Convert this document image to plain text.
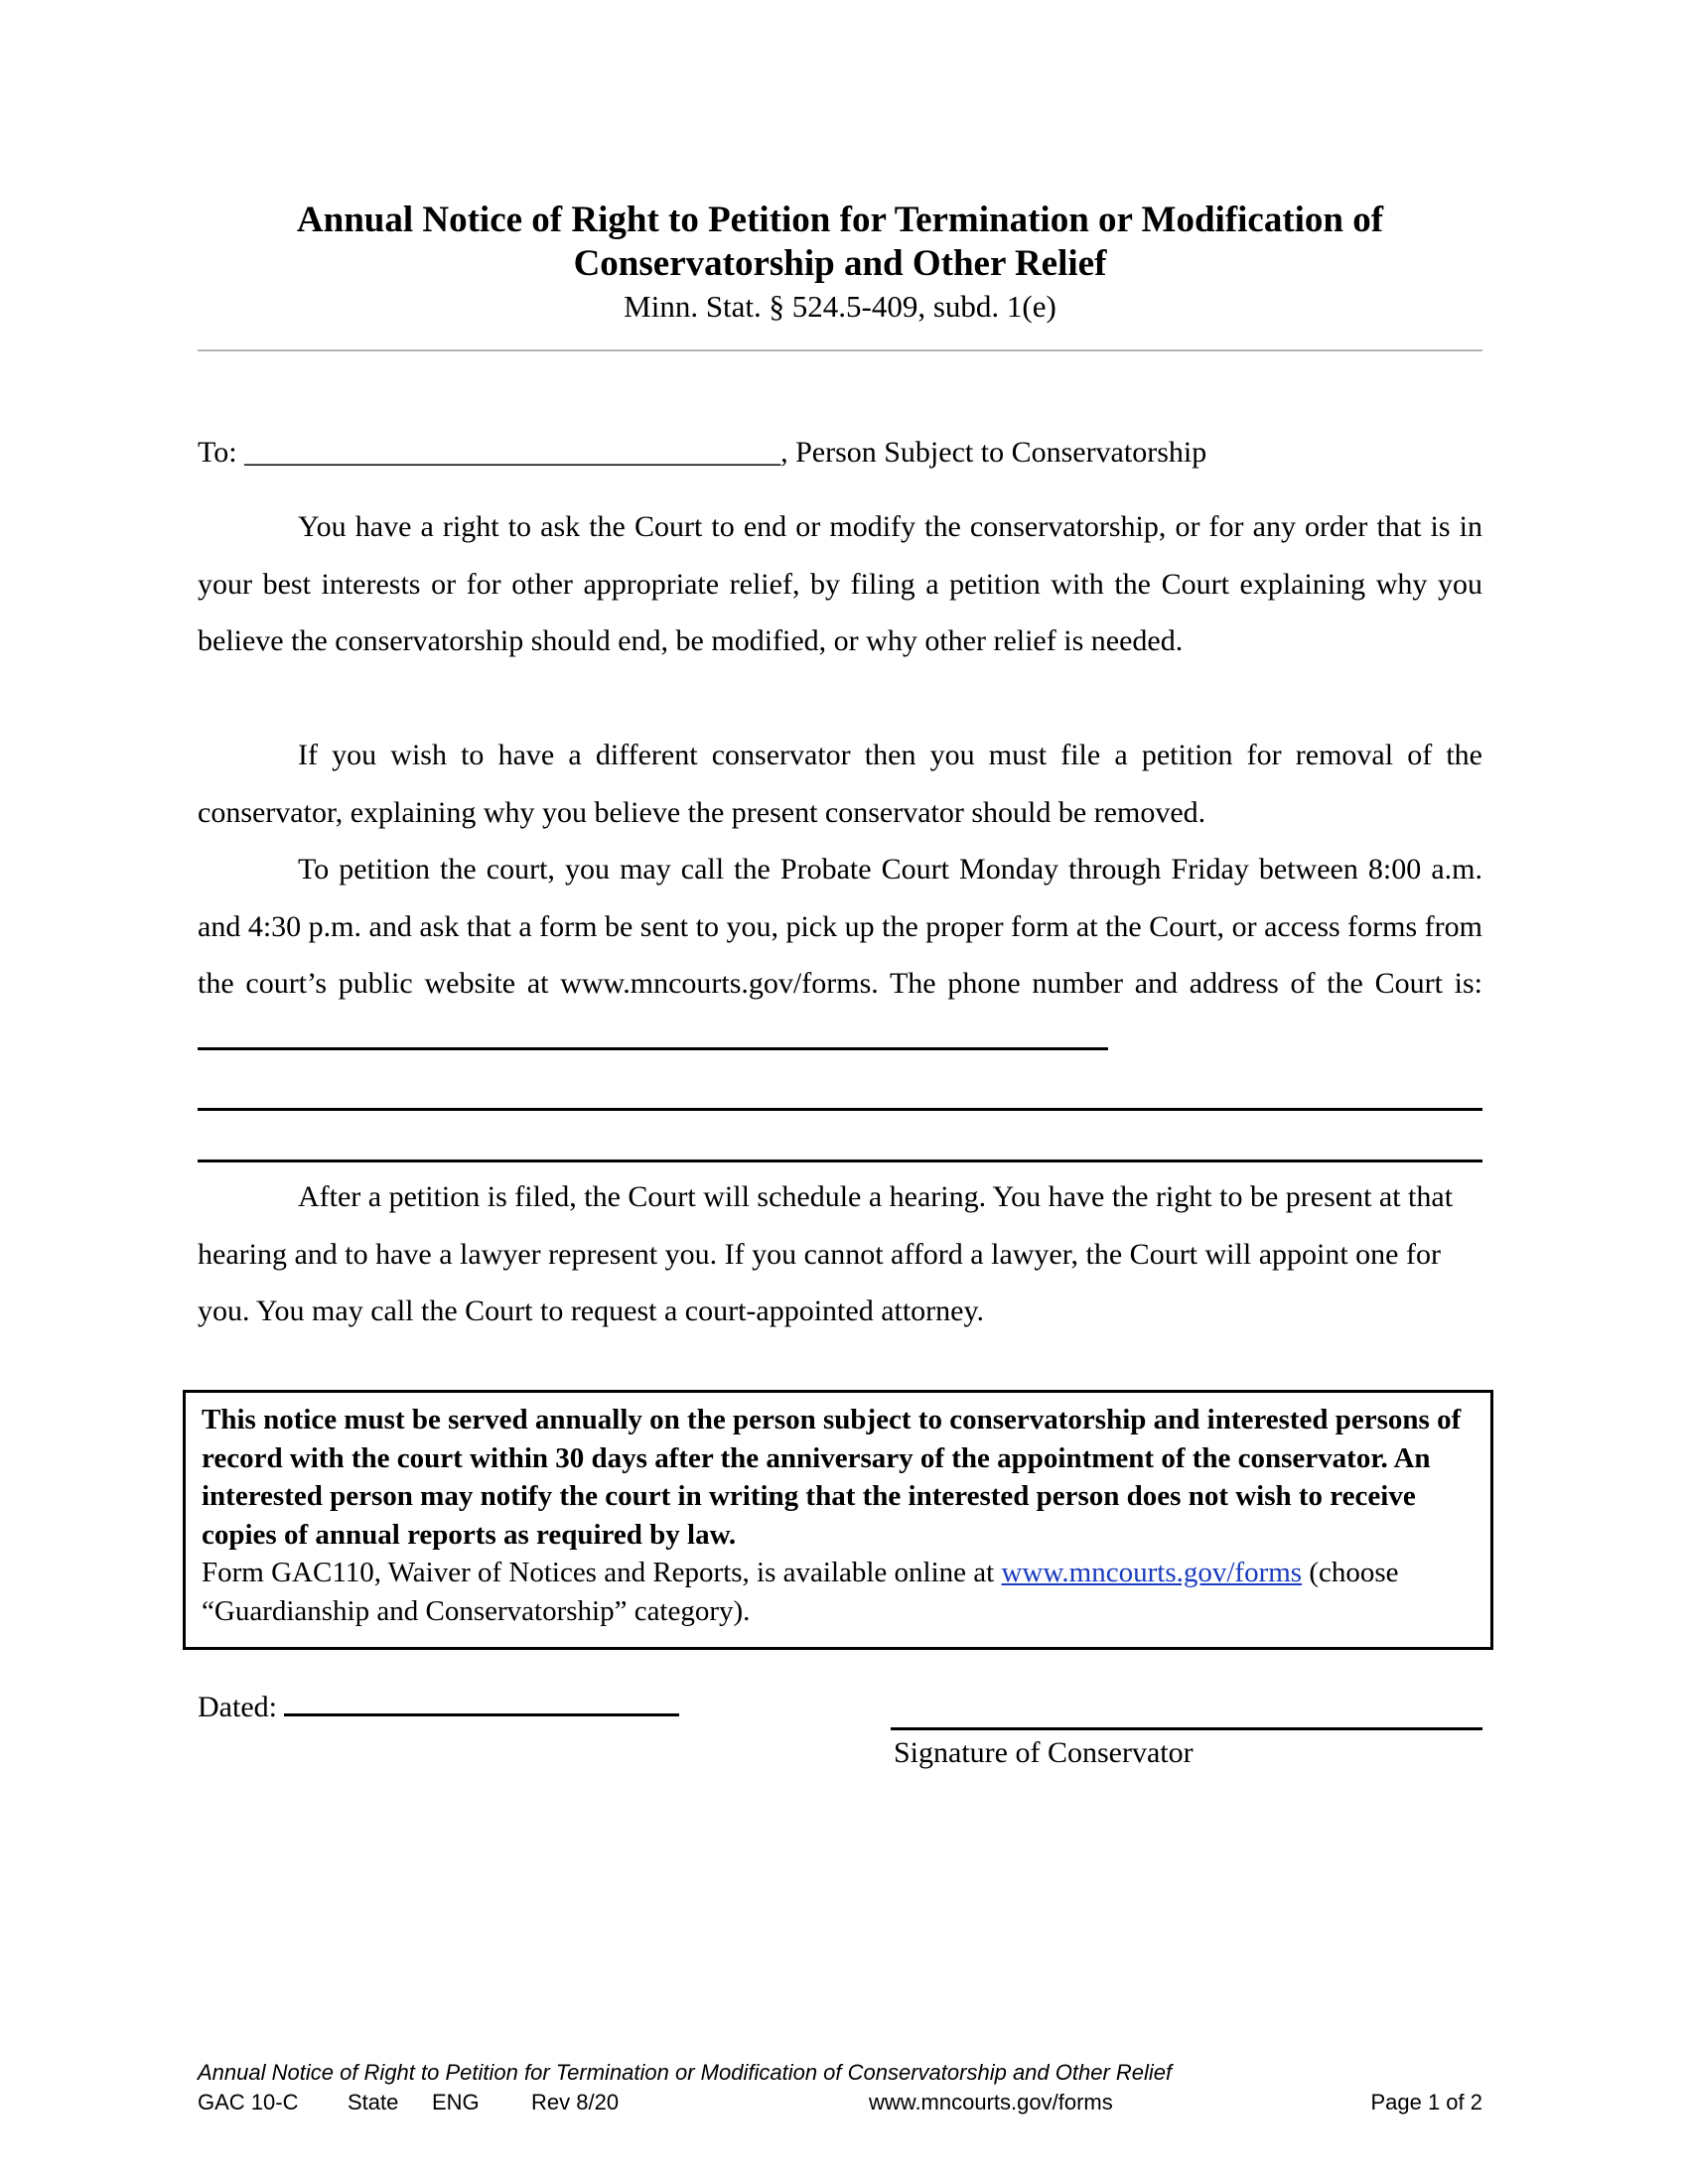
Annual Notice of Right to Petition for Termination or Modification of Conservatorship and Other Relief

Minn. Stat. § 524.5-409, subd. 1(e)

To: ____________________________________, Person Subject to Conservatorship

You have a right to ask the Court to end or modify the conservatorship, or for any order that is in your best interests or for other appropriate relief, by filing a petition with the Court explaining why you believe the conservatorship should end, be modified, or why other relief is needed.

If you wish to have a different conservator then you must file a petition for removal of the conservator, explaining why you believe the present conservator should be removed.

To petition the court, you may call the Probate Court Monday through Friday between 8:00 a.m. and 4:30 p.m. and ask that a form be sent to you, pick up the proper form at the Court, or access forms from the court’s public website at www.mncourts.gov/forms. The phone number and address of the Court is:

After a petition is filed, the Court will schedule a hearing. You have the right to be present at that hearing and to have a lawyer represent you. If you cannot afford a lawyer, the Court will appoint one for you. You may call the Court to request a court-appointed attorney.

This notice must be served annually on the person subject to conservatorship and interested persons of record with the court within 30 days after the anniversary of the appointment of the conservator. An interested person may notify the court in writing that the interested person does not wish to receive copies of annual reports as required by law.

Form GAC110, Waiver of Notices and Reports, is available online at www.mncourts.gov/forms (choose “Guardianship and Conservatorship” category).

Dated:
Signature of Conservator
Annual Notice of Right to Petition for Termination or Modification of Conservatorship and Other Relief
GAC 10-C State ENG Rev 8/20	www.mncourts.gov/forms	Page 1 of 2
